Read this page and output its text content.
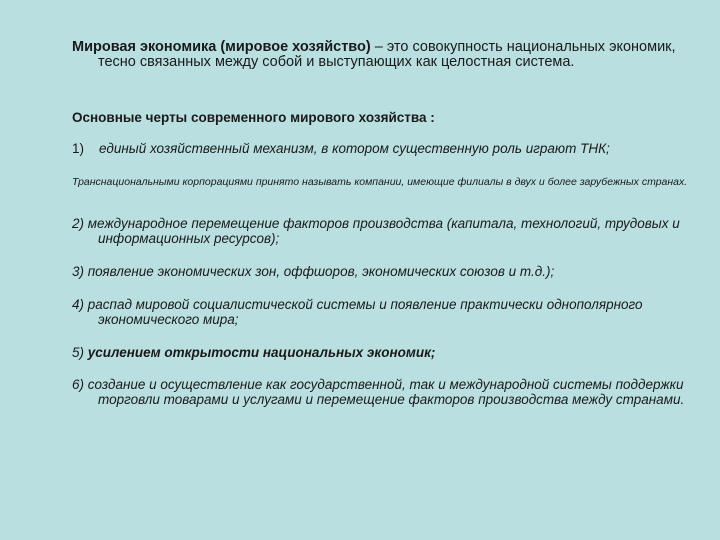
Мировая экономика (мировое хозяйство) – это совокупность национальных экономик, тесно связанных между собой и выступающих как целостная система.

Основные черты современного мирового хозяйства :

1) единый хозяйственный механизм, в котором существенную роль играют ТНК;

Транснациональными корпорациями принято называть компании, имеющие филиалы в двух и более зарубежных странах.

2) международное перемещение факторов производства (капитала, технологий, трудовых и информационных ресурсов);

3) появление экономических зон, оффшоров, экономических союзов и т.д.);

4) распад мировой социалистической системы и появление практически однополярного экономического мира;

5) усилением открытости национальных экономик;

6) создание и осуществление как государственной, так и международной системы поддержки торговли товарами и услугами и перемещение факторов производства между странами.
